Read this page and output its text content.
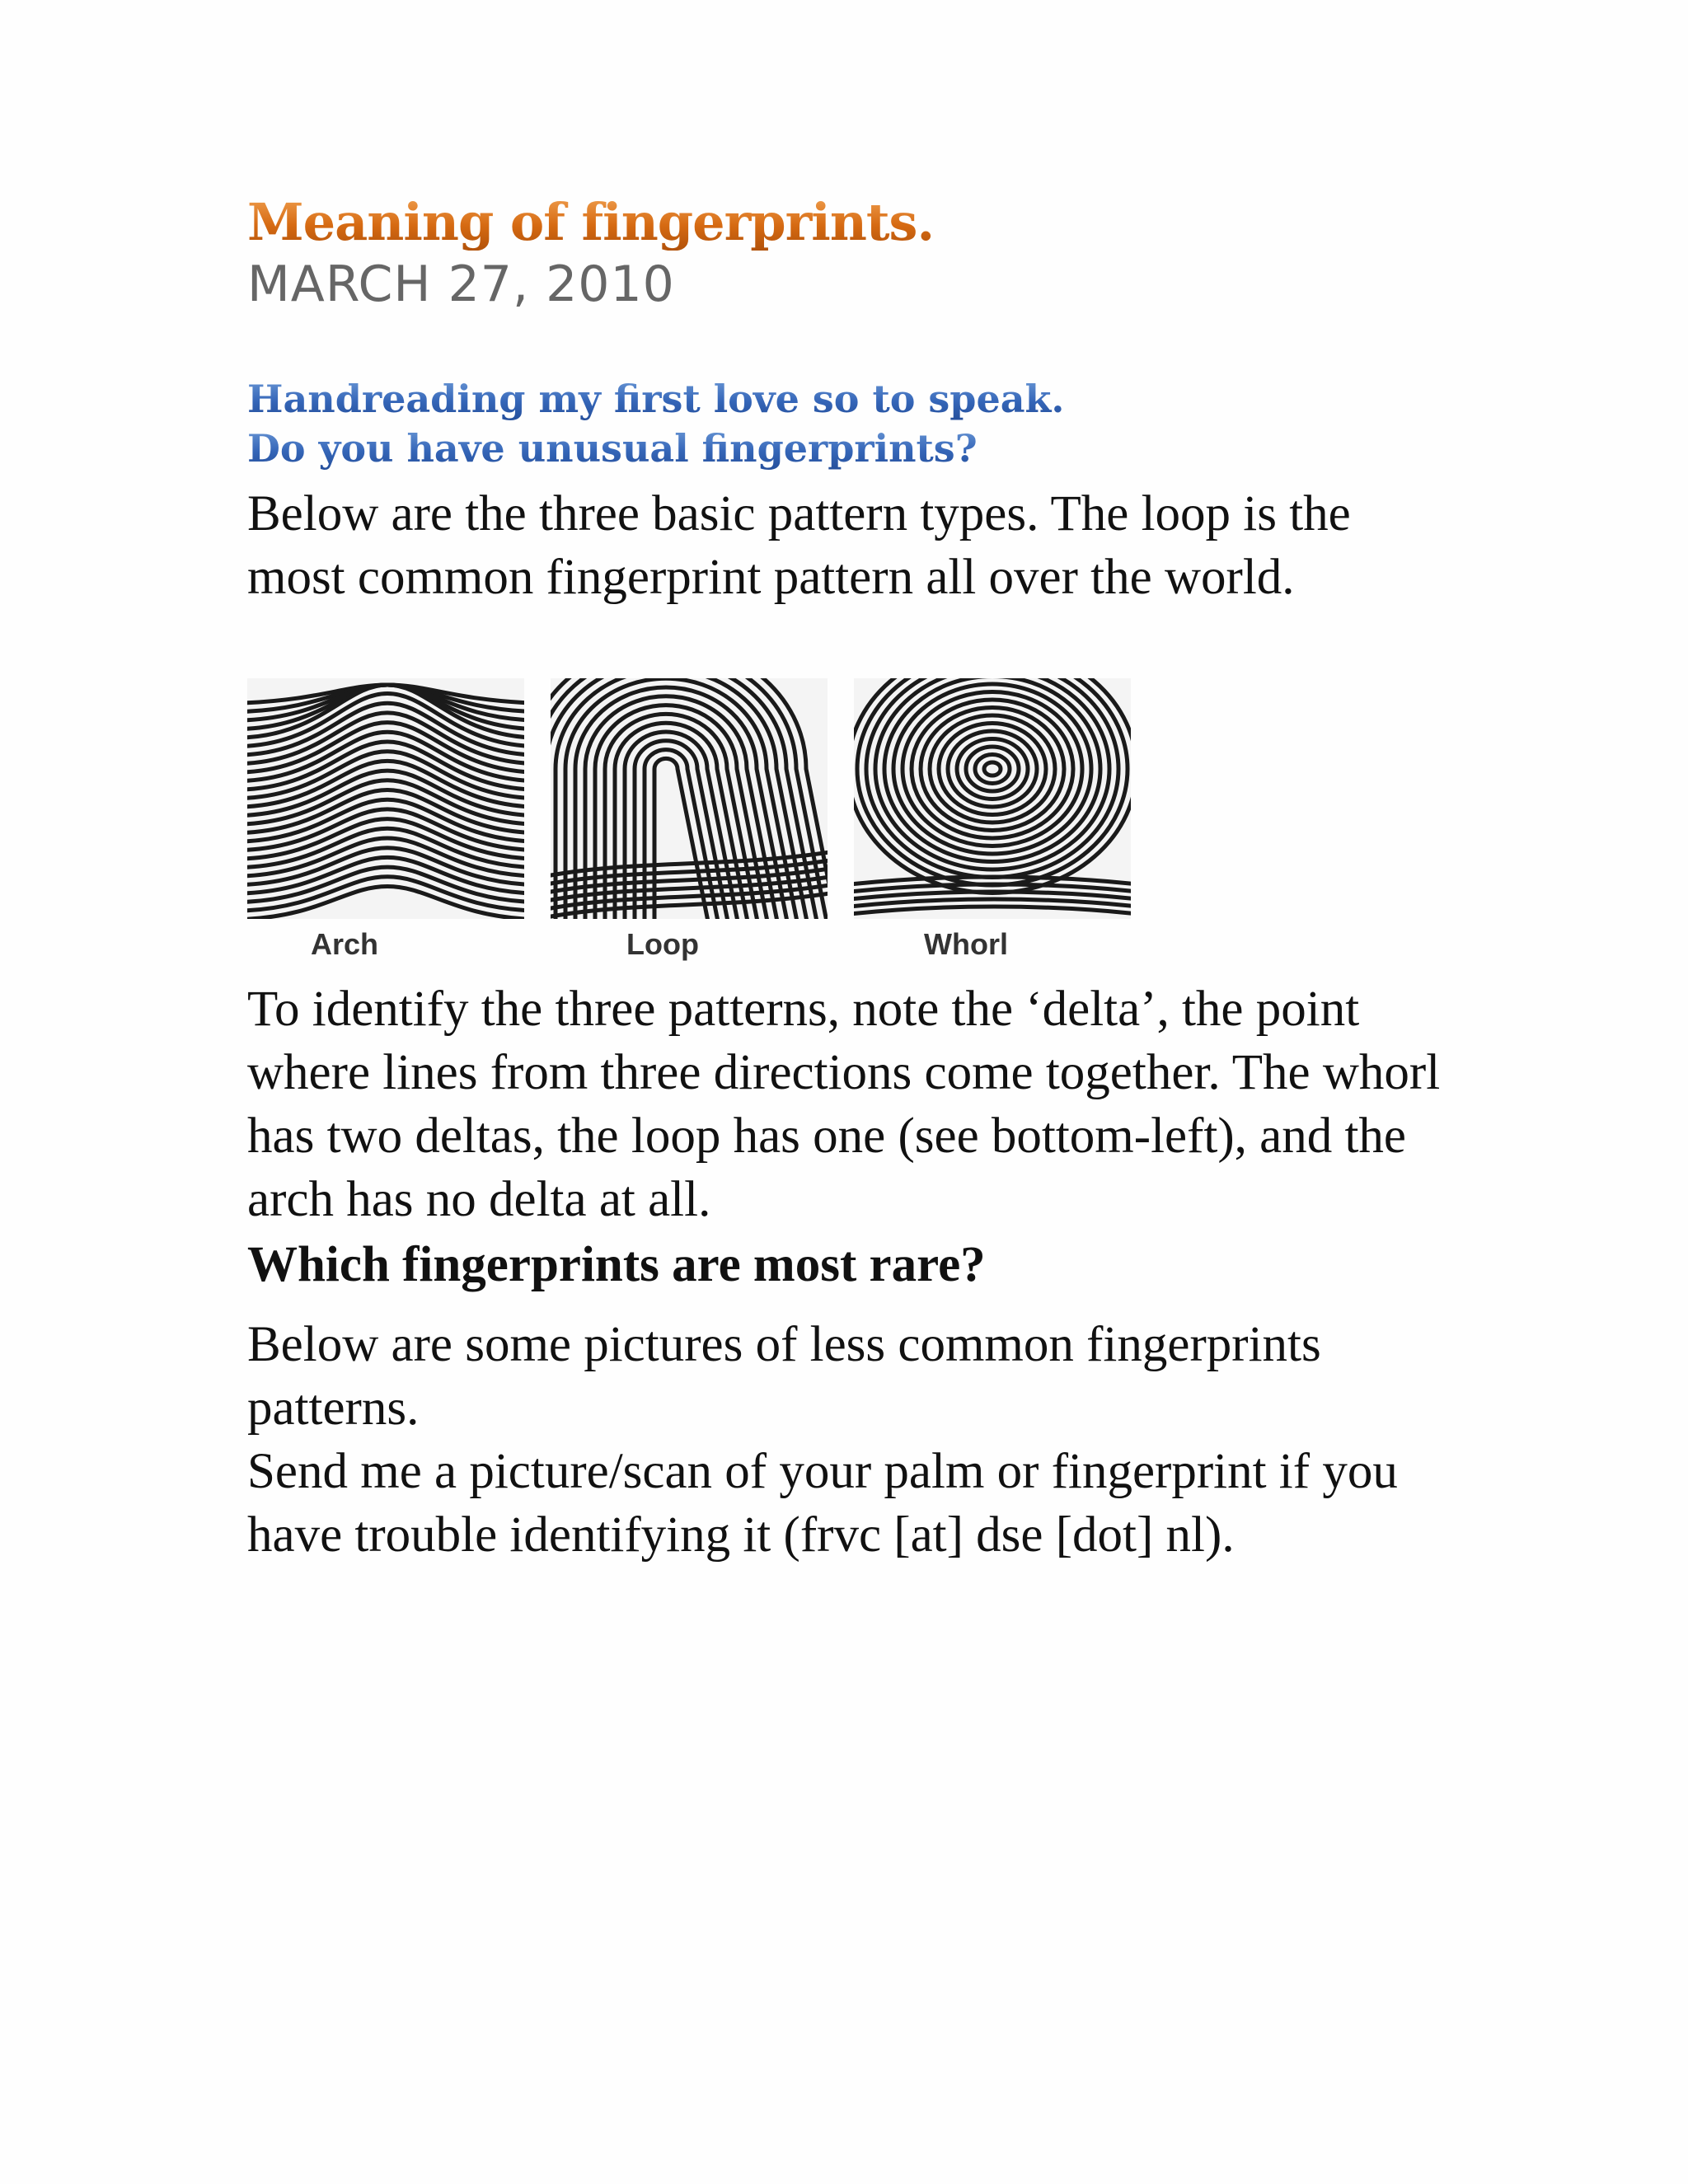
Meaning of fingerprints.
MARCH 27, 2010
Handreading my first love so to speak.
Do you have unusual fingerprints?

Below are the three basic pattern types. The loop is the most common fingerprint pattern all over the world.

Arch	Loop	Whorl

To identify the three patterns, note the ‘delta’, the point where lines from three directions come together. The whorl has two deltas, the loop has one (see bottom-left), and the arch has no delta at all.

Which fingerprints are most rare?

Below are some pictures of less common fingerprints patterns.

Send me a picture/scan of your palm or fingerprint if you have trouble identifying it (frvc [at] dse [dot] nl).
